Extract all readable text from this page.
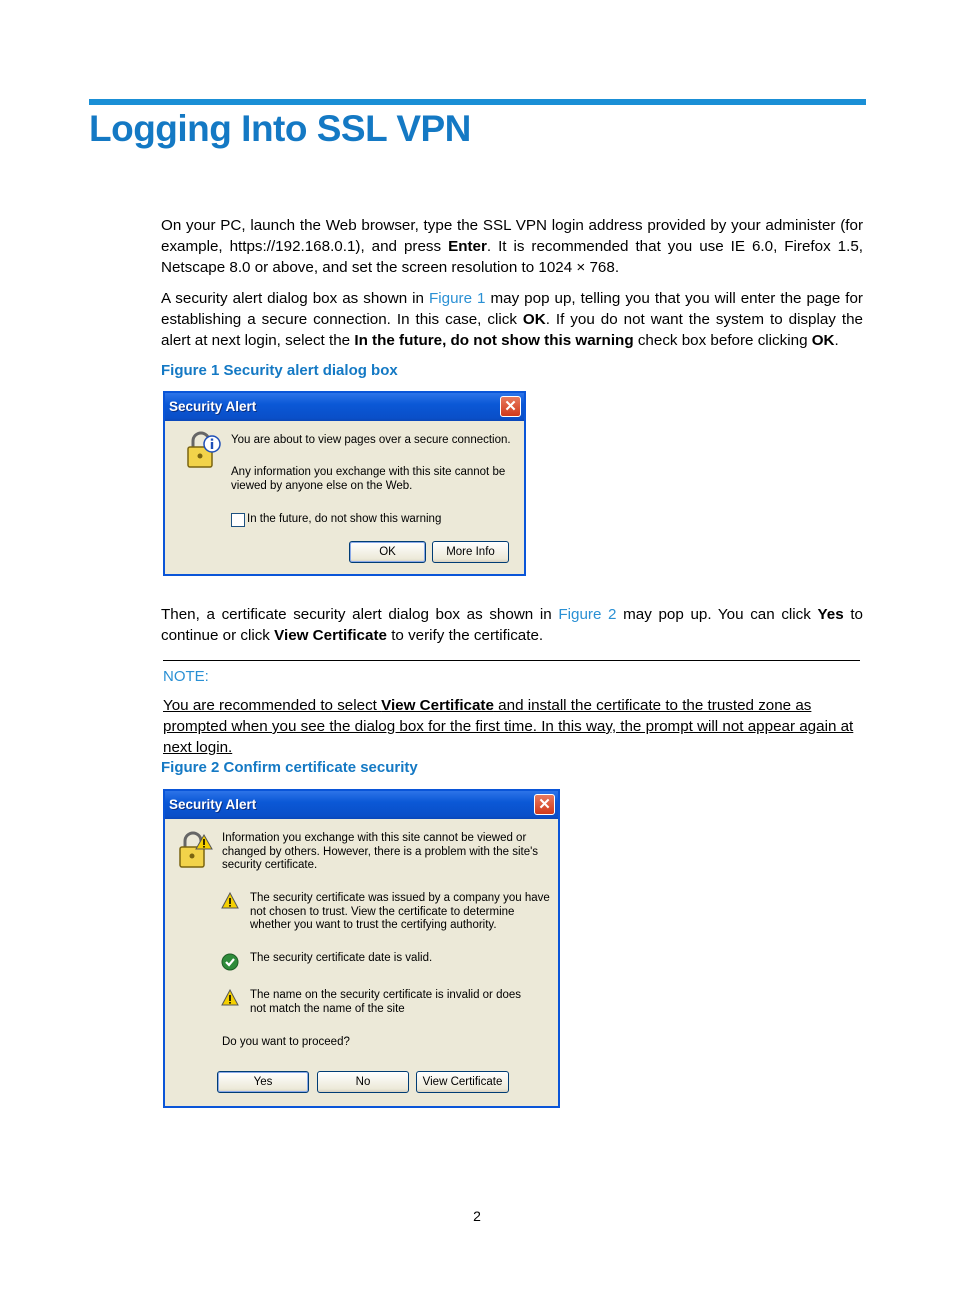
Logging Into SSL VPN

On your PC, launch the Web browser, type the SSL VPN login address provided by your administer (for example, https://192.168.0.1), and press Enter. It is recommended that you use IE 6.0, Firefox 1.5, Netscape 8.0 or above, and set the screen resolution to 1024 × 768.

A security alert dialog box as shown in Figure 1 may pop up, telling you that you will enter the page for establishing a secure connection. In this case, click OK. If you do not want the system to display the alert at next login, select the In the future, do not show this warning check box before clicking OK.

Figure 1 Security alert dialog box
Security Alert	✕
You are about to view pages over a secure connection.
Any information you exchange with this site cannot be viewed by anyone else on the Web.
In the future, do not show this warning
OK	More Info

Then, a certificate security alert dialog box as shown in Figure 2 may pop up. You can click Yes to continue or click View Certificate to verify the certificate.

NOTE:
You are recommended to select View Certificate and install the certificate to the trusted zone as prompted when you see the dialog box for the first time. In this way, the prompt will not appear again at next login.
Figure 2 Confirm certificate security
Security Alert	✕
Information you exchange with this site cannot be viewed or changed by others. However, there is a problem with the site's security certificate.
The security certificate was issued by a company you have not chosen to trust. View the certificate to determine whether you want to trust the certifying authority.
The security certificate date is valid.
The name on the security certificate is invalid or does not match the name of the site
Do you want to proceed?
Yes	No	View Certificate
2
